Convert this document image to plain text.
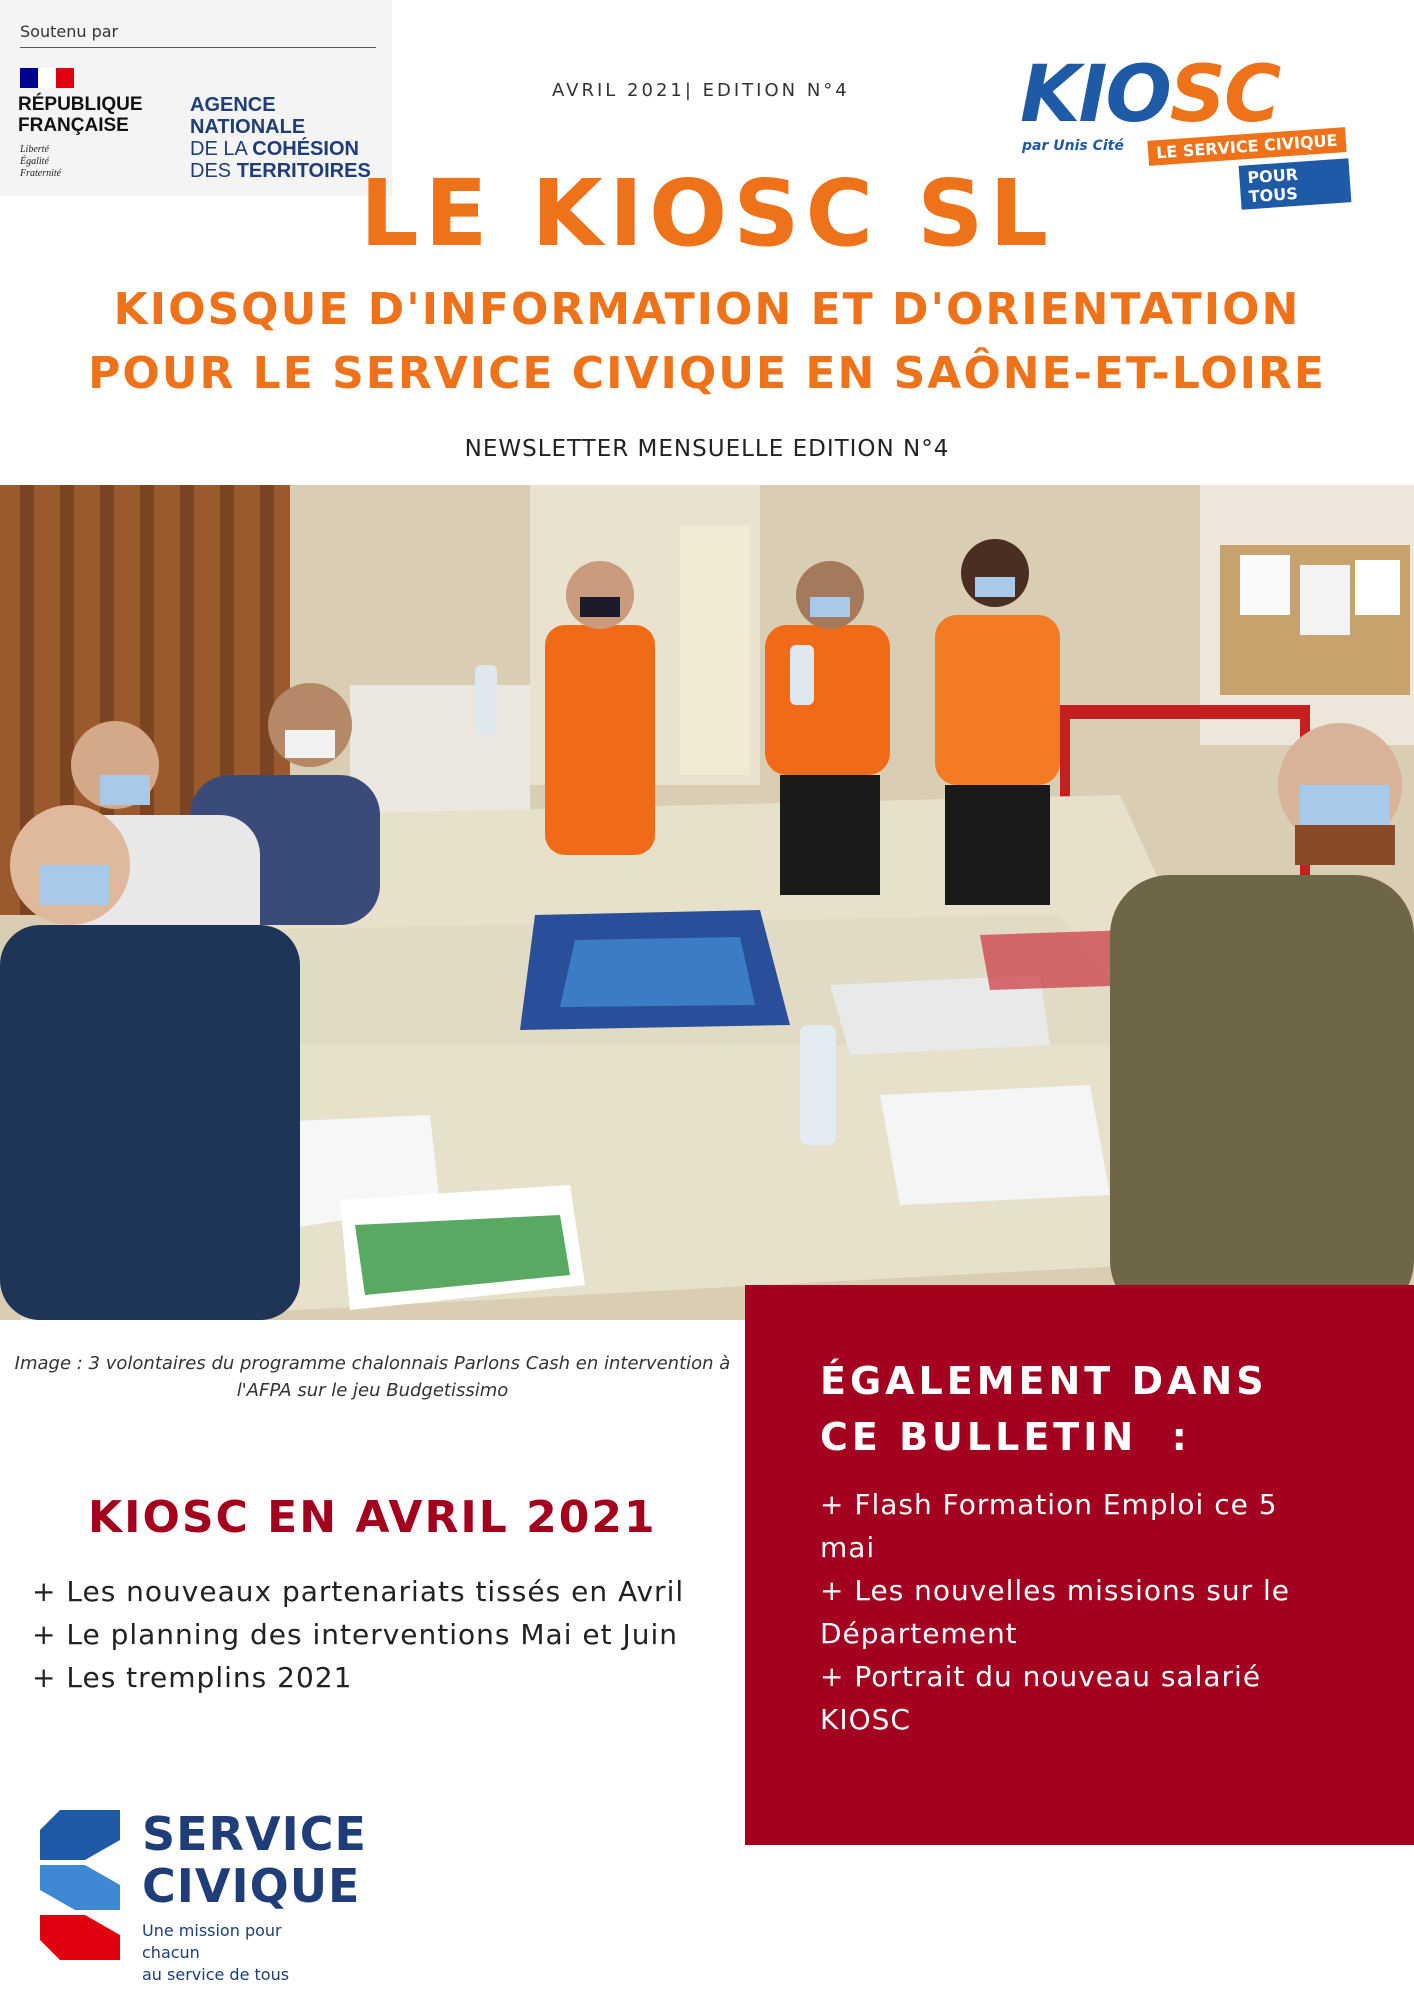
Soutenu par
RÉPUBLIQUE
FRANÇAISE
Liberté
Égalité
Fraternité
AGENCE
NATIONALE
DE LA COHÉSION
DES TERRITOIRES
AVRIL 2021| EDITION N°4
LE KIOSC SL
KIOSQUE D'INFORMATION ET D'ORIENTATION
POUR LE SERVICE CIVIQUE EN SAÔNE-ET-LOIRE
NEWSLETTER MENSUELLE EDITION N°4
KIOSC
par Unis Cité	LE SERVICE CIVIQUE
POUR TOUS
Image : 3 volontaires du programme chalonnais Parlons Cash en intervention à l'AFPA sur le jeu Budgetissimo
KIOSC EN AVRIL 2021
+ Les nouveaux partenariats tissés en Avril
+ Le planning des interventions Mai et Juin
+ Les tremplins 2021
ÉGALEMENT DANS
CE BULLETIN  :
+ Flash Formation Emploi ce 5 mai
+ Les nouvelles missions sur le Département
+ Portrait du nouveau salarié KIOSC
SERVICE
CIVIQUE
Une mission pour chacun
au service de tous
